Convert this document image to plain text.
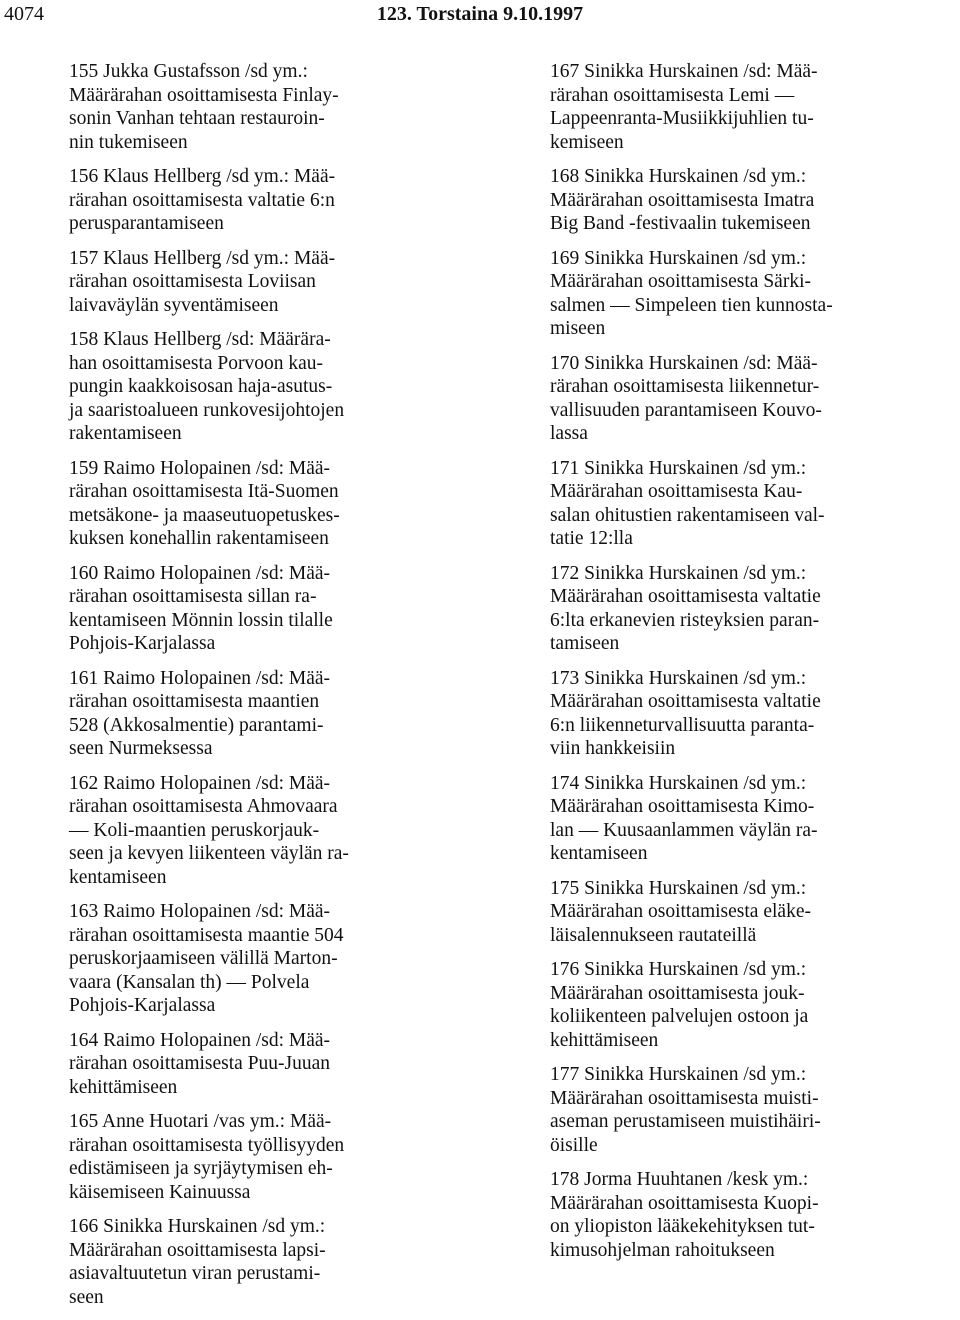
4074	123. Torstaina 9.10.1997
155 Jukka Gustafsson /sd ym.:
Määrärahan osoittamisesta Finlay-
sonin Vanhan tehtaan restauroin-
nin tukemiseen
156 Klaus Hellberg /sd ym.: Mää-
rärahan osoittamisesta valtatie 6:n
perusparantamiseen
157 Klaus Hellberg /sd ym.: Mää-
rärahan osoittamisesta Loviisan
laivaväylän syventämiseen
158 Klaus Hellberg /sd: Määrära-
han osoittamisesta Porvoon kau-
pungin kaakkoisosan haja-asutus-
ja saaristoalueen runkovesijohtojen
rakentamiseen
159 Raimo Holopainen /sd: Mää-
rärahan osoittamisesta Itä-Suomen
metsäkone- ja maaseutuopetuskes-
kuksen konehallin rakentamiseen
160 Raimo Holopainen /sd: Mää-
rärahan osoittamisesta sillan ra-
kentamiseen Mönnin lossin tilalle
Pohjois-Karjalassa
161 Raimo Holopainen /sd: Mää-
rärahan osoittamisesta maantien
528 (Akkosalmentie) parantami-
seen Nurmeksessa
162 Raimo Holopainen /sd: Mää-
rärahan osoittamisesta Ahmovaara
— Koli-maantien peruskorjauk-
seen ja kevyen liikenteen väylän ra-
kentamiseen
163 Raimo Holopainen /sd: Mää-
rärahan osoittamisesta maantie 504
peruskorjaamiseen välillä Marton-
vaara (Kansalan th) — Polvela
Pohjois-Karjalassa
164 Raimo Holopainen /sd: Mää-
rärahan osoittamisesta Puu-Juuan
kehittämiseen
165 Anne Huotari /vas ym.: Mää-
rärahan osoittamisesta työllisyyden
edistämiseen ja syrjäytymisen eh-
käisemiseen Kainuussa
166 Sinikka Hurskainen /sd ym.:
Määrärahan osoittamisesta lapsi-
asiavaltuutetun viran perustami-
seen
167 Sinikka Hurskainen /sd: Mää-
rärahan osoittamisesta Lemi —
Lappeenranta-Musiikkijuhlien tu-
kemiseen
168 Sinikka Hurskainen /sd ym.:
Määrärahan osoittamisesta Imatra
Big Band -festivaalin tukemiseen
169 Sinikka Hurskainen /sd ym.:
Määrärahan osoittamisesta Särki-
salmen — Simpeleen tien kunnosta-
miseen
170 Sinikka Hurskainen /sd: Mää-
rärahan osoittamisesta liikennetur-
vallisuuden parantamiseen Kouvo-
lassa
171 Sinikka Hurskainen /sd ym.:
Määrärahan osoittamisesta Kau-
salan ohitustien rakentamiseen val-
tatie 12:lla
172 Sinikka Hurskainen /sd ym.:
Määrärahan osoittamisesta valtatie
6:lta erkanevien risteyksien paran-
tamiseen
173 Sinikka Hurskainen /sd ym.:
Määrärahan osoittamisesta valtatie
6:n liikenneturvallisuutta paranta-
viin hankkeisiin
174 Sinikka Hurskainen /sd ym.:
Määrärahan osoittamisesta Kimo-
lan — Kuusaanlammen väylän ra-
kentamiseen
175 Sinikka Hurskainen /sd ym.:
Määrärahan osoittamisesta eläke-
läisalennukseen rautateillä
176 Sinikka Hurskainen /sd ym.:
Määrärahan osoittamisesta jouk-
koliikenteen palvelujen ostoon ja
kehittämiseen
177 Sinikka Hurskainen /sd ym.:
Määrärahan osoittamisesta muisti-
aseman perustamiseen muistihäiri-
öisille
178 Jorma Huuhtanen /kesk ym.:
Määrärahan osoittamisesta Kuopi-
on yliopiston lääkekehityksen tut-
kimusohjelman rahoitukseen
